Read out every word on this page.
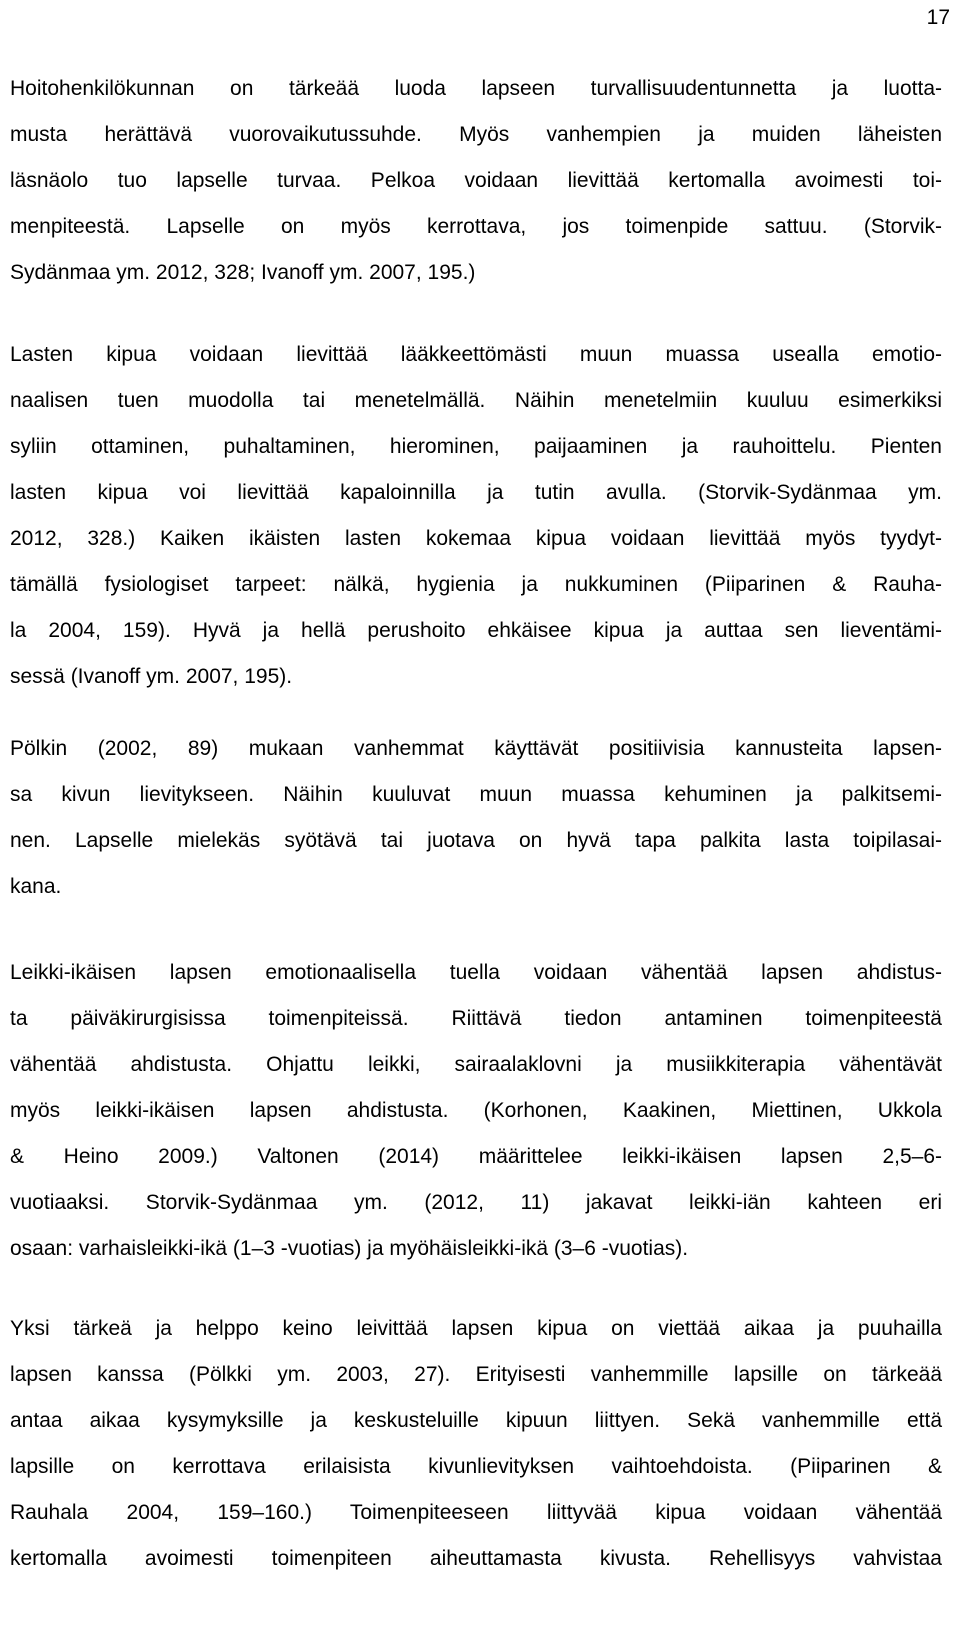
17
Hoitohenkilökunnan on tärkeää luoda lapseen turvallisuudentunnetta ja luotta-
musta herättävä vuorovaikutussuhde. Myös vanhempien ja muiden läheisten
läsnäolo tuo lapselle turvaa. Pelkoa voidaan lievittää kertomalla avoimesti toi-
menpiteestä. Lapselle on myös kerrottava, jos toimenpide sattuu. (Storvik-
Sydänmaa ym. 2012, 328; Ivanoff ym. 2007, 195.)
Lasten kipua voidaan lievittää lääkkeettömästi muun muassa usealla emotio-
naalisen tuen muodolla tai menetelmällä. Näihin menetelmiin kuuluu esimerkiksi
syliin ottaminen, puhaltaminen, hierominen, paijaaminen ja rauhoittelu. Pienten
lasten kipua voi lievittää kapaloinnilla ja tutin avulla. (Storvik-Sydänmaa ym.
2012, 328.) Kaiken ikäisten lasten kokemaa kipua voidaan lievittää myös tyydyt-
tämällä fysiologiset tarpeet: nälkä, hygienia ja nukkuminen (Piiparinen & Rauha-
la 2004, 159). Hyvä ja hellä perushoito ehkäisee kipua ja auttaa sen lieventämi-
sessä (Ivanoff ym. 2007, 195).
Pölkin (2002, 89) mukaan vanhemmat käyttävät positiivisia kannusteita lapsen-
sa kivun lievitykseen. Näihin kuuluvat muun muassa kehuminen ja palkitsemi-
nen. Lapselle mielekäs syötävä tai juotava on hyvä tapa palkita lasta toipilasai-
kana.
Leikki-ikäisen lapsen emotionaalisella tuella voidaan vähentää lapsen ahdistus-
ta päiväkirurgisissa toimenpiteissä. Riittävä tiedon antaminen toimenpiteestä
vähentää ahdistusta. Ohjattu leikki, sairaalaklovni ja musiikkiterapia vähentävät
myös leikki-ikäisen lapsen ahdistusta. (Korhonen, Kaakinen, Miettinen, Ukkola
& Heino 2009.) Valtonen (2014) määrittelee leikki-ikäisen lapsen 2,5–6-
vuotiaaksi. Storvik-Sydänmaa ym. (2012, 11) jakavat leikki-iän kahteen eri
osaan: varhaisleikki-ikä (1–3 -vuotias) ja myöhäisleikki-ikä (3–6 -vuotias).
Yksi tärkeä ja helppo keino leivittää lapsen kipua on viettää aikaa ja puuhailla
lapsen kanssa (Pölkki ym. 2003, 27). Erityisesti vanhemmille lapsille on tärkeää
antaa aikaa kysymyksille ja keskusteluille kipuun liittyen. Sekä vanhemmille että
lapsille on kerrottava erilaisista kivunlievityksen vaihtoehdoista. (Piiparinen &
Rauhala 2004, 159–160.) Toimenpiteeseen liittyvää kipua voidaan vähentää
kertomalla avoimesti toimenpiteen aiheuttamasta kivusta. Rehellisyys vahvistaa
